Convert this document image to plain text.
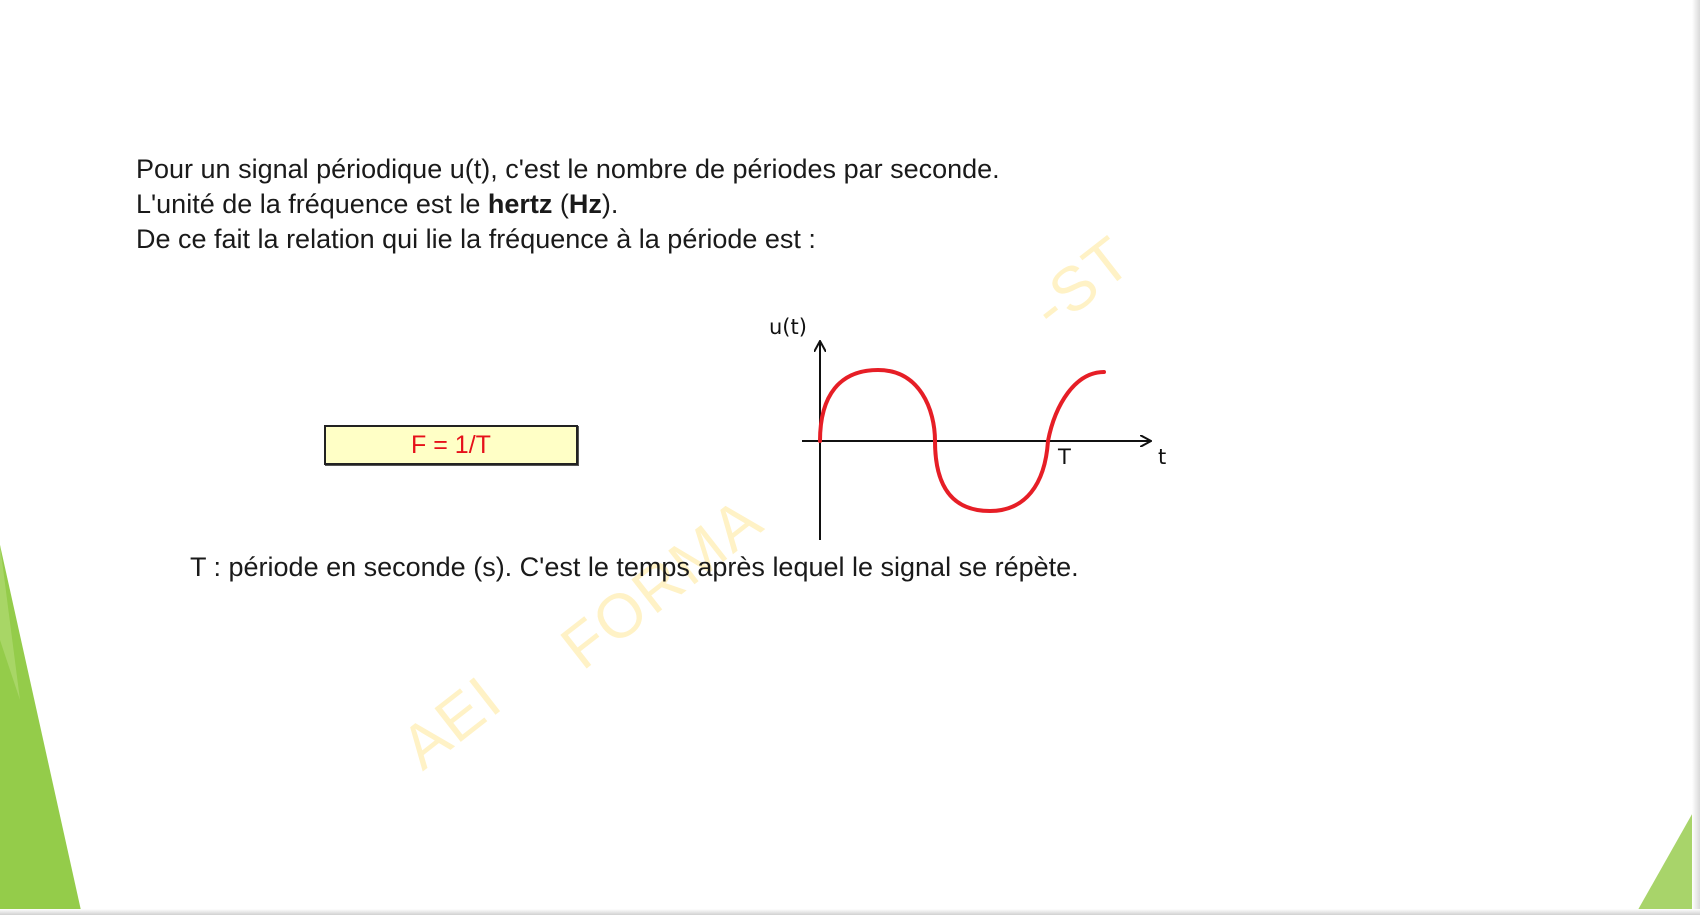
AEI
FORMA
-ST

Pour un signal périodique u(t), c'est le nombre de périodes par seconde.

L'unité de la fréquence est le hertz (Hz).

De ce fait la relation qui lie la fréquence à la période est :

F = 1/T
u(t)
t
T
T : période en seconde (s). C'est le temps après lequel le signal se répète.
